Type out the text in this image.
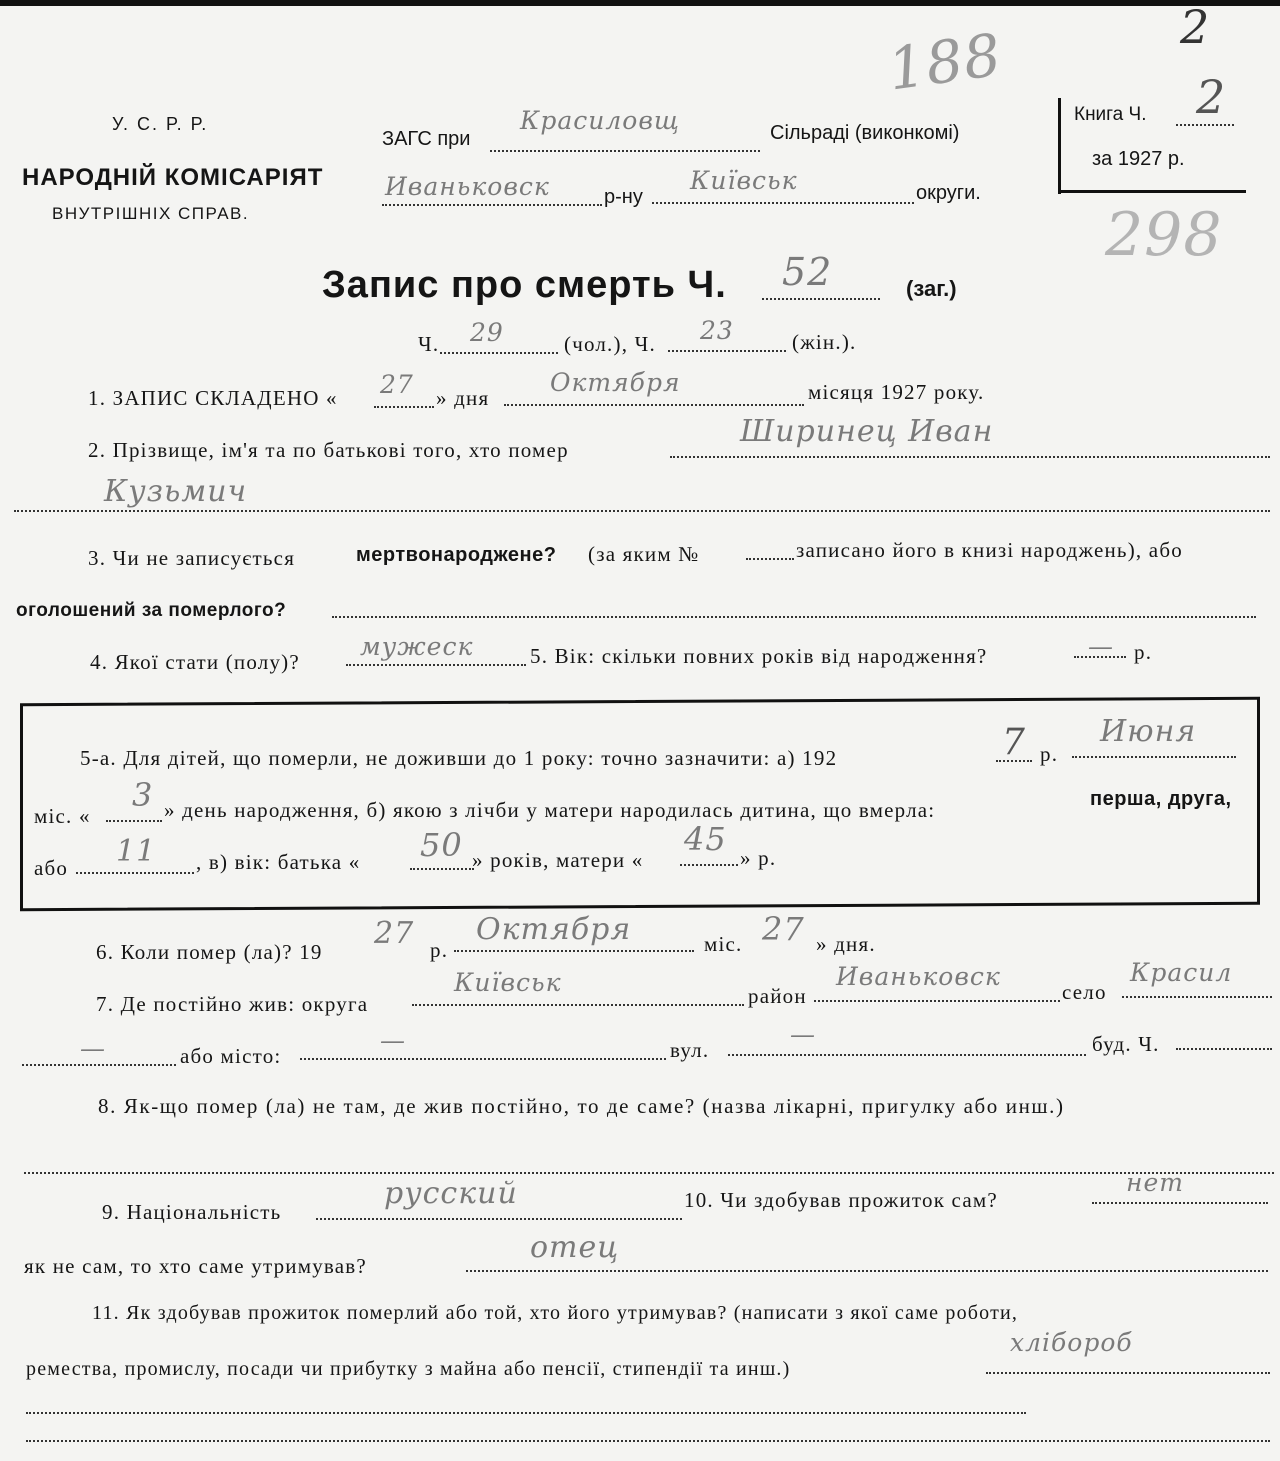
2
188
298
У. С. Р. Р.
НАРОДНІЙ КОМІСАРІЯТ
ВНУТРІШНІХ СПРАВ.
ЗАГС при
Красиловщ	Сільраді (виконкомі)
Иваньковск	р-ну
Київськ	округи.
Книга Ч. 2
за 1927 р.
Запис про смерть Ч. 52	(заг.)
Ч. 29	(чол.), Ч. 23	(жін.).
1. ЗАПИС СКЛАДЕНО « 27 » дня
Октября	місяця 1927 року.
2. Прізвище, ім'я та по батькові того, хто помер
Ширинец Иван
Кузьмич
3. Чи не записується	мертвонароджене? (за яким №	записано його в книзі народжень), або
оголошений за померлого?
4. Якої стати (полу)?
мужеск	5. Вік: скільки повних років від народження?	— р.
5-а. Для дітей, що померли, не доживши до 1 року: точно зазначити: а) 192	7 р.
Июня
міс. «
3 » день народження, б) якою з лічби у матери народилась дитина, що вмерла:	перша, друга,
або 11 , в) вік: батька « 50 » років, матери «
45 » р.
6. Коли помер (ла)? 19
27 р.
Октября	міс. 27 » дня.
7. Де постійно жив: округа
Київськ	район
Иваньковск
село
Красил
—	або місто:
—	вул.
—	буд. Ч.
8. Як-що помер (ла) не там, де жив постійно, то де саме? (назва лікарні, пригулку або инш.)
9. Національність
русский	10. Чи здобував прожиток сам?
нет
як не сам, то хто саме утримував?
отец
11. Як здобував прожиток померлий або той, хто його утримував? (написати з якої саме роботи,
ремества, промислу, посади чи прибутку з майна або пенсії, стипендії та инш.)
хлібороб
